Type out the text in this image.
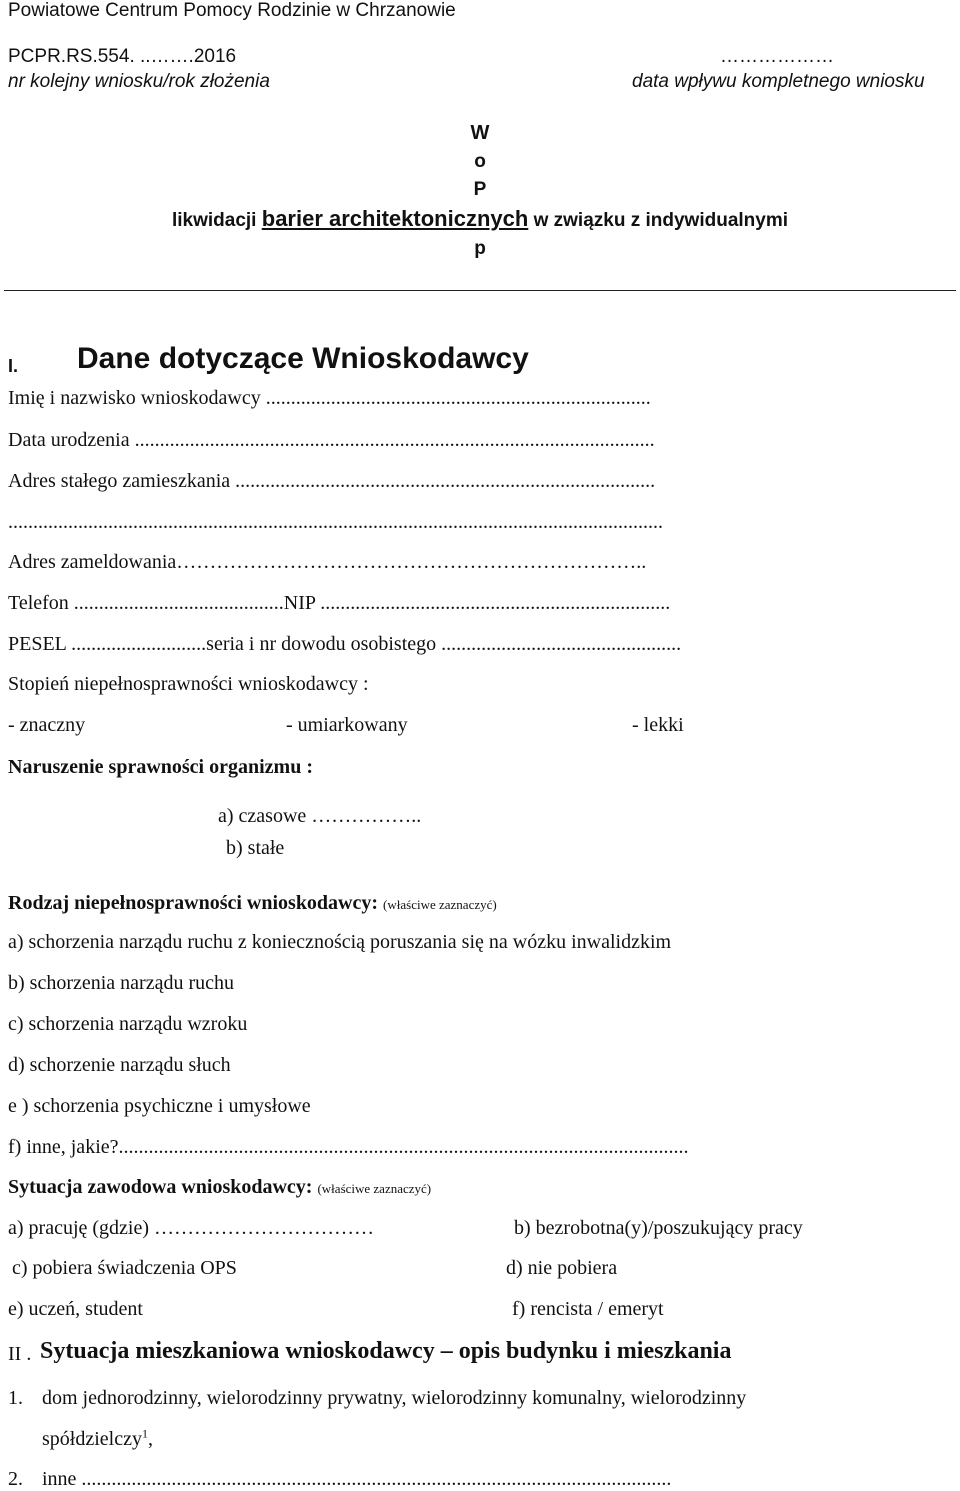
Powiatowe Centrum Pomocy Rodzinie w Chrzanowie
PCPR.RS.554. ..…….2016
nr kolejny wniosku/rok złożenia
………………
data wpływu kompletnego wniosku
W
o
P
likwidacji barier architektonicznych w związku z indywidualnymi
p
I. Dane dotyczące Wnioskodawcy
Imię i nazwisko wnioskodawcy .............................................................................
Data urodzenia ........................................................................................................
Adres stałego zamieszkania ....................................................................................
...................................................................................................................................
Adres zameldowania……………………………………………………………..
Telefon ..........................................NIP ......................................................................
PESEL ...........................seria i nr dowodu osobistego ................................................
Stopień niepełnosprawności wnioskodawcy :
- znaczny	- umiarkowany	- lekki
Naruszenie sprawności organizmu :
a) czasowe ……………..
b) stałe
Rodzaj niepełnosprawności wnioskodawcy: (właściwe zaznaczyć)
a) schorzenia narządu ruchu z koniecznością poruszania się na wózku inwalidzkim
b) schorzenia narządu ruchu
c) schorzenia narządu wzroku
d) schorzenie narządu słuch
e ) schorzenia psychiczne i umysłowe
f) inne, jakie?..................................................................................................................
Sytuacja zawodowa wnioskodawcy: (właściwe zaznaczyć)
a) pracuję (gdzie) ……………………………	b) bezrobotna(y)/poszukujący pracy
c) pobiera świadczenia OPS	d) nie pobiera
e) uczeń, student	f) rencista / emeryt
II . Sytuacja mieszkaniowa wnioskodawcy – opis budynku i mieszkania
1. dom jednorodzinny, wielorodzinny prywatny, wielorodzinny komunalny, wielorodzinny
spółdzielczy$^1$,
2. inne ......................................................................................................................
